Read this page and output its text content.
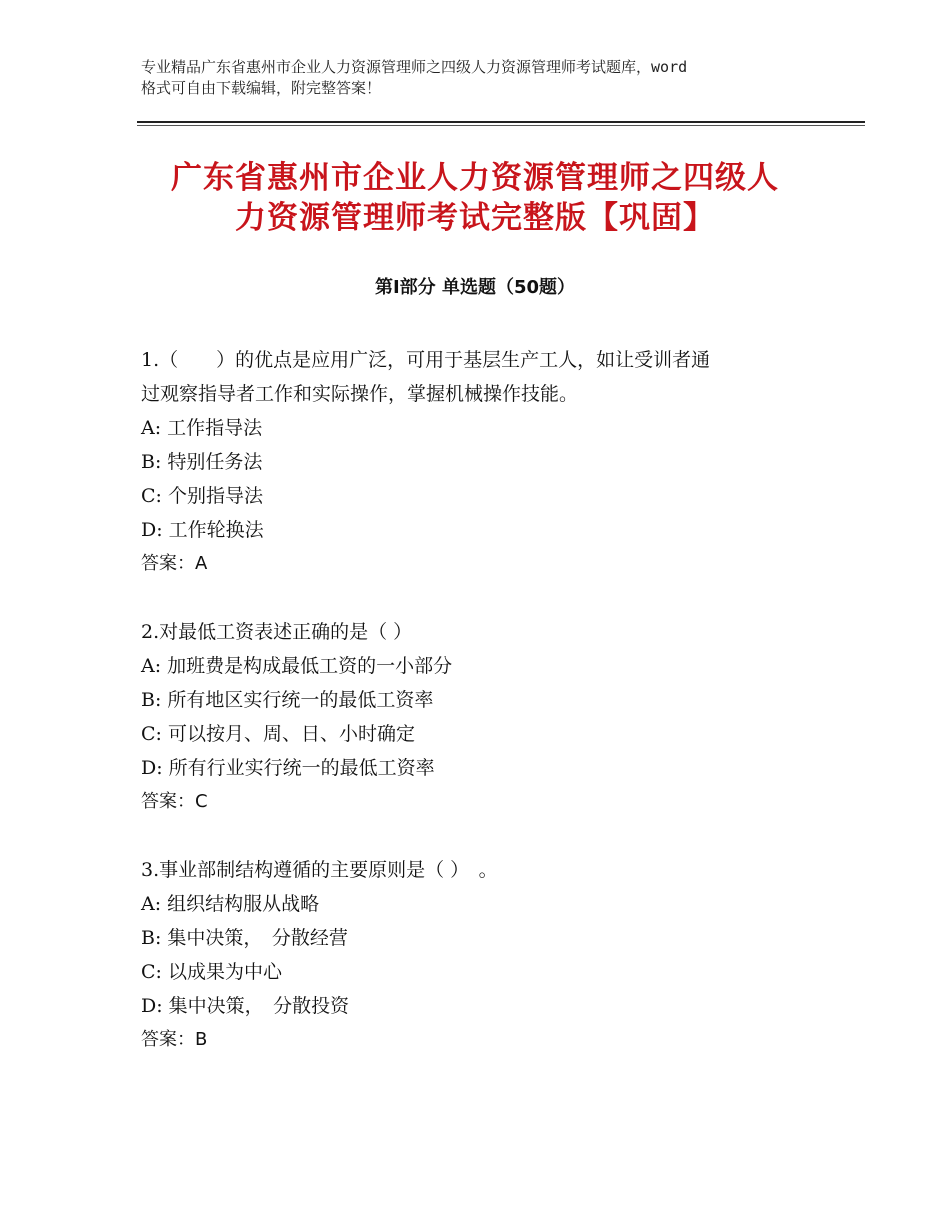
专业精品广东省惠州市企业人力资源管理师之四级人力资源管理师考试题库，word
格式可自由下载编辑，附完整答案！
广东省惠州市企业人力资源管理师之四级人
力资源管理师考试完整版【巩固】
第Ⅰ部分 单选题（50题）
1.（　　）的优点是应用广泛，可用于基层生产工人，如让受训者通
过观察指导者工作和实际操作，掌握机械操作技能。
A: 工作指导法
B: 特别任务法
C: 个别指导法
D: 工作轮换法
答案：A
2.对最低工资表述正确的是（ ）
A: 加班费是构成最低工资的一小部分
B: 所有地区实行统一的最低工资率
C: 可以按月、周、日、小时确定
D: 所有行业实行统一的最低工资率
答案：C
3.事业部制结构遵循的主要原则是（ ）　。
A: 组织结构服从战略
B: 集中决策，　分散经营
C: 以成果为中心
D: 集中决策，　分散投资
答案：B
